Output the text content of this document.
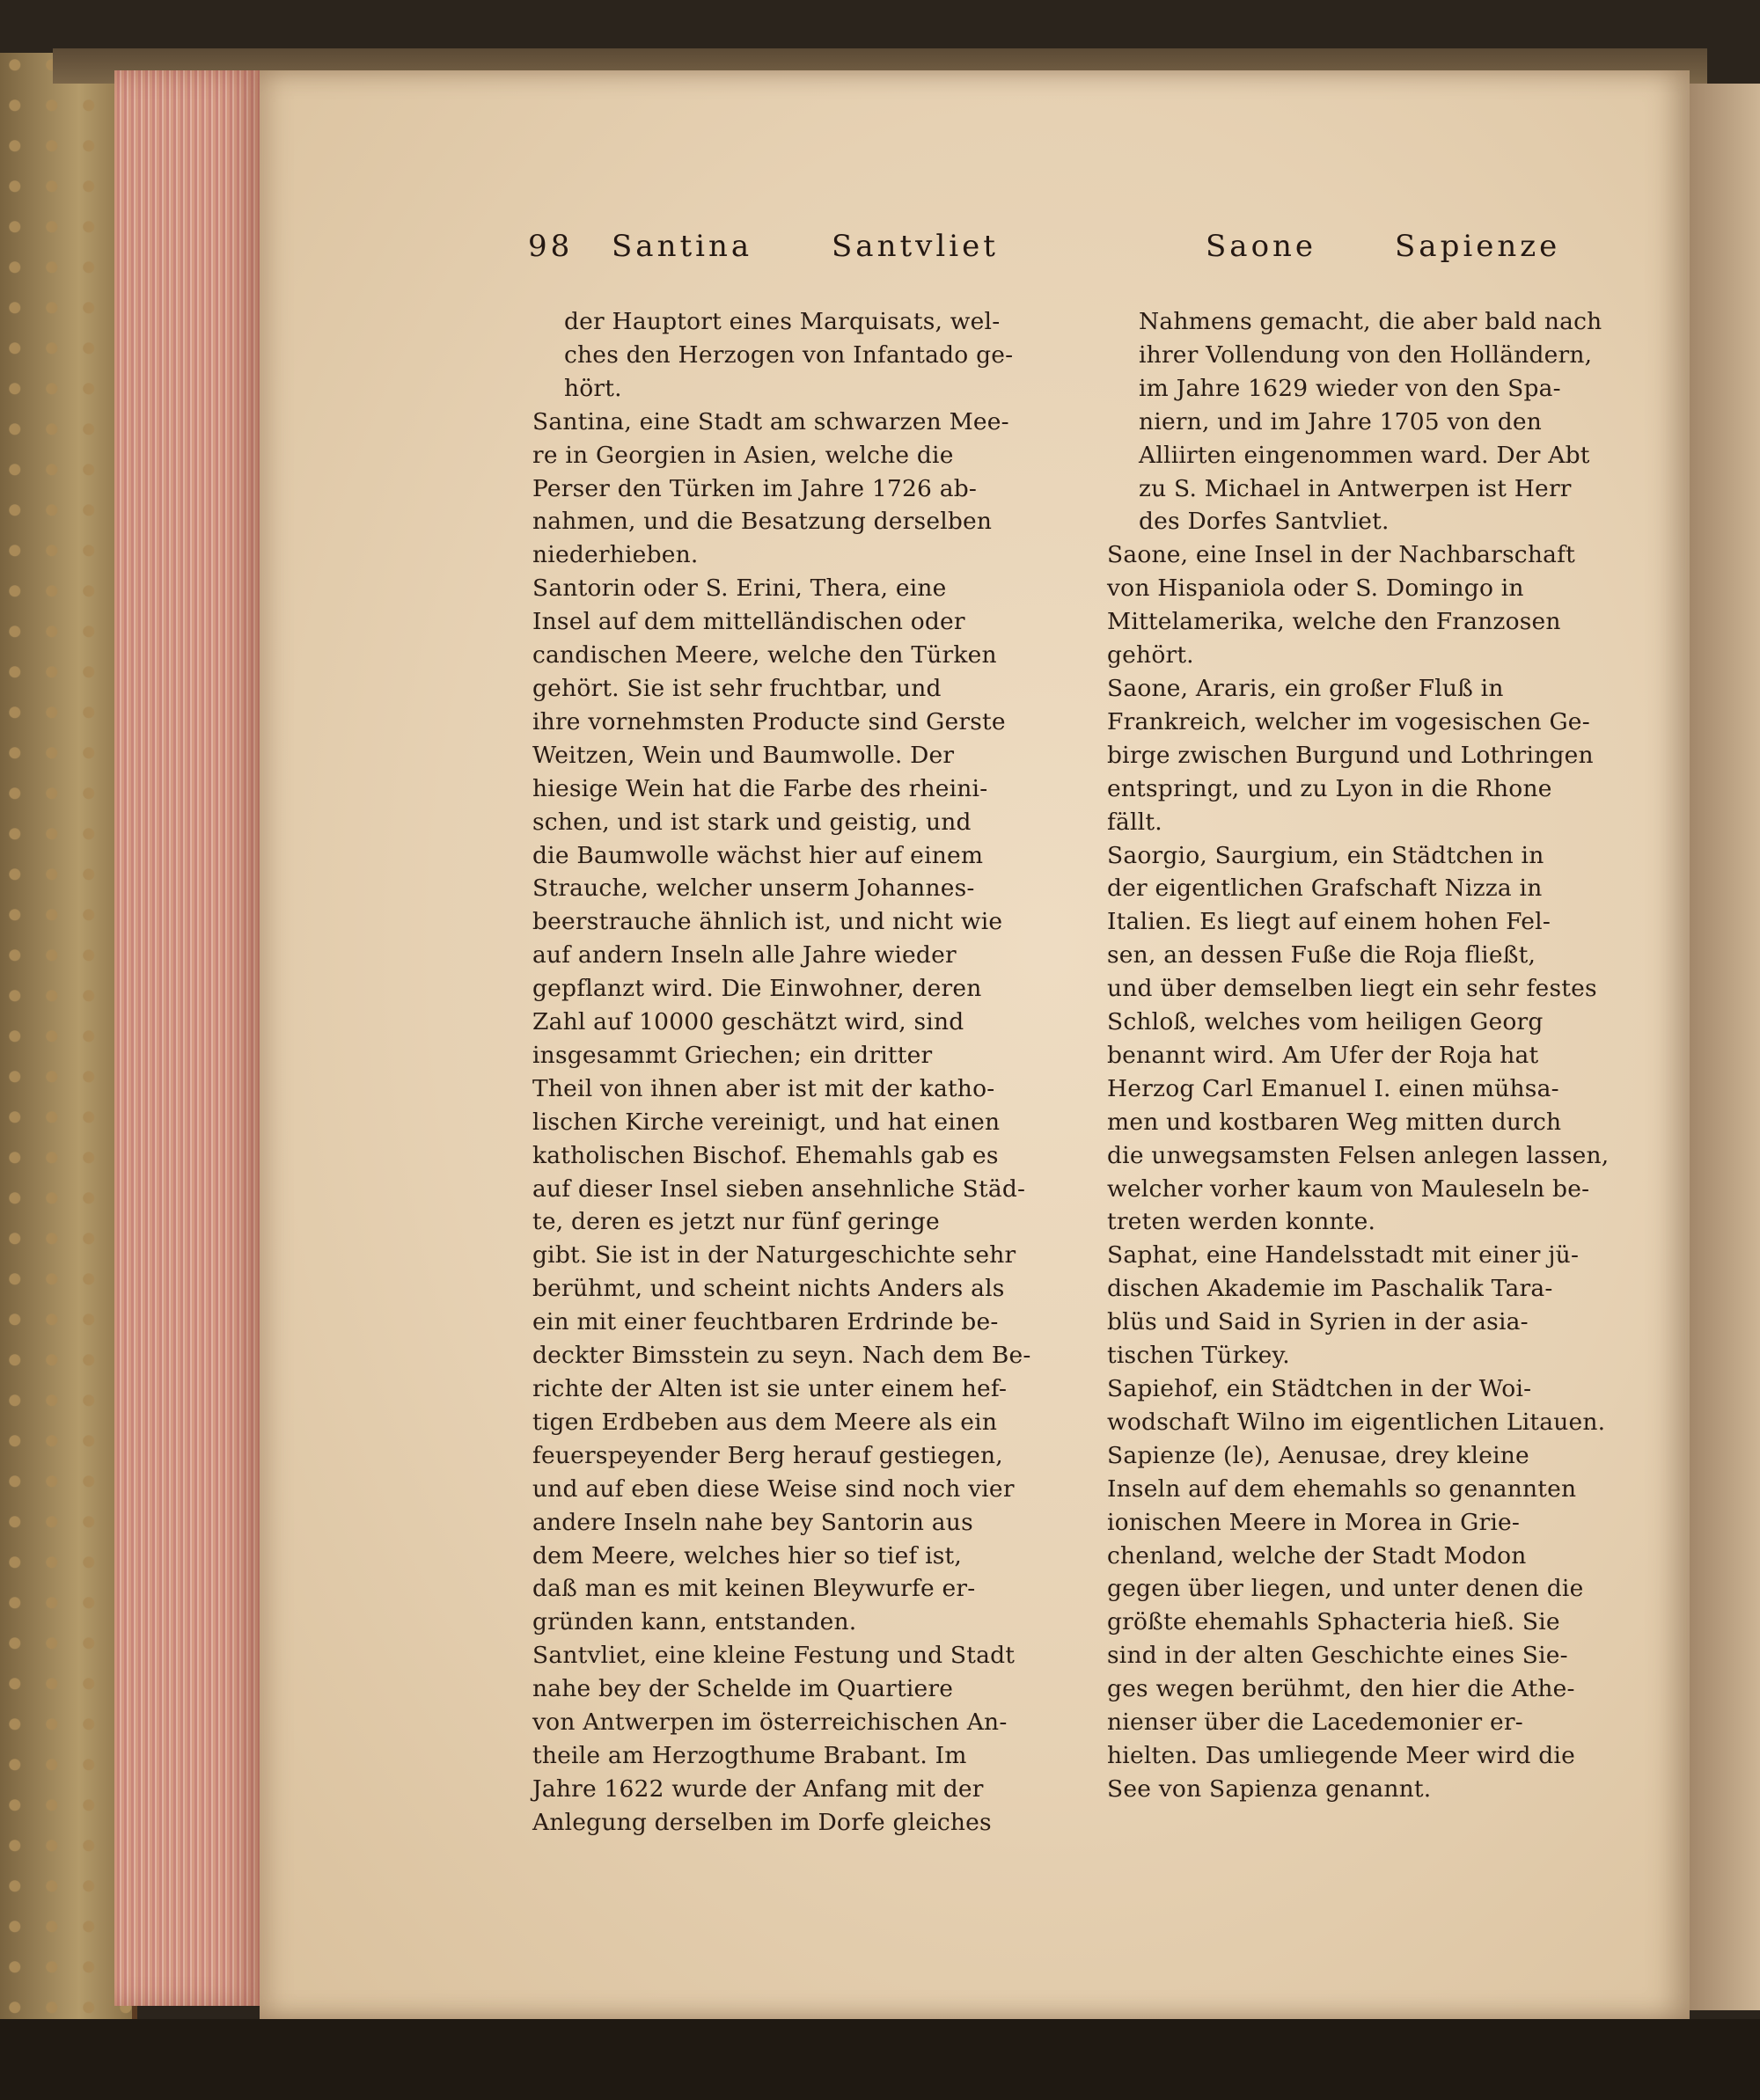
98 Santina	Santvliet	Saone	Sapienze

der Hauptort eines Marquisats, wel-
ches den Herzogen von Infantado ge-
hört.

Santina, eine Stadt am schwarzen Mee-
re in Georgien in Asien, welche die
Perser den Türken im Jahre 1726 ab-
nahmen, und die Besatzung derselben
niederhieben.

Santorin oder S. Erini, Thera, eine
Insel auf dem mittelländischen oder
candischen Meere, welche den Türken
gehört. Sie ist sehr fruchtbar, und
ihre vornehmsten Producte sind Gerste
Weitzen, Wein und Baumwolle. Der
hiesige Wein hat die Farbe des rheini-
schen, und ist stark und geistig, und
die Baumwolle wächst hier auf einem
Strauche, welcher unserm Johannes-
beerstrauche ähnlich ist, und nicht wie
auf andern Inseln alle Jahre wieder
gepflanzt wird. Die Einwohner, deren
Zahl auf 10000 geschätzt wird, sind
insgesammt Griechen; ein dritter
Theil von ihnen aber ist mit der katho-
lischen Kirche vereinigt, und hat einen
katholischen Bischof. Ehemahls gab es
auf dieser Insel sieben ansehnliche Städ-
te, deren es jetzt nur fünf geringe
gibt. Sie ist in der Naturgeschichte sehr
berühmt, und scheint nichts Anders als
ein mit einer feuchtbaren Erdrinde be-
deckter Bimsstein zu seyn. Nach dem Be-
richte der Alten ist sie unter einem hef-
tigen Erdbeben aus dem Meere als ein
feuerspeyender Berg herauf gestiegen,
und auf eben diese Weise sind noch vier
andere Inseln nahe bey Santorin aus
dem Meere, welches hier so tief ist,
daß man es mit keinen Bleywurfe er-
gründen kann, entstanden.

Santvliet, eine kleine Festung und Stadt
nahe bey der Schelde im Quartiere
von Antwerpen im österreichischen An-
theile am Herzogthume Brabant. Im
Jahre 1622 wurde der Anfang mit der
Anlegung derselben im Dorfe gleiches

Nahmens gemacht, die aber bald nach
ihrer Vollendung von den Holländern,
im Jahre 1629 wieder von den Spa-
niern, und im Jahre 1705 von den
Alliirten eingenommen ward. Der Abt
zu S. Michael in Antwerpen ist Herr
des Dorfes Santvliet.

Saone, eine Insel in der Nachbarschaft
von Hispaniola oder S. Domingo in
Mittelamerika, welche den Franzosen
gehört.

Saone, Araris, ein großer Fluß in
Frankreich, welcher im vogesischen Ge-
birge zwischen Burgund und Lothringen
entspringt, und zu Lyon in die Rhone
fällt.

Saorgio, Saurgium, ein Städtchen in
der eigentlichen Grafschaft Nizza in
Italien. Es liegt auf einem hohen Fel-
sen, an dessen Fuße die Roja fließt,
und über demselben liegt ein sehr festes
Schloß, welches vom heiligen Georg
benannt wird. Am Ufer der Roja hat
Herzog Carl Emanuel I. einen mühsa-
men und kostbaren Weg mitten durch
die unwegsamsten Felsen anlegen lassen,
welcher vorher kaum von Mauleseln be-
treten werden konnte.

Saphat, eine Handelsstadt mit einer jü-
dischen Akademie im Paschalik Tara-
blüs und Said in Syrien in der asia-
tischen Türkey.

Sapiehof, ein Städtchen in der Woi-
wodschaft Wilno im eigentlichen Litauen.

Sapienze (le), Aenusae, drey kleine
Inseln auf dem ehemahls so genannten
ionischen Meere in Morea in Grie-
chenland, welche der Stadt Modon
gegen über liegen, und unter denen die
größte ehemahls Sphacteria hieß. Sie
sind in der alten Geschichte eines Sie-
ges wegen berühmt, den hier die Athe-
nienser über die Lacedemonier er-
hielten. Das umliegende Meer wird die
See von Sapienza genannt.
